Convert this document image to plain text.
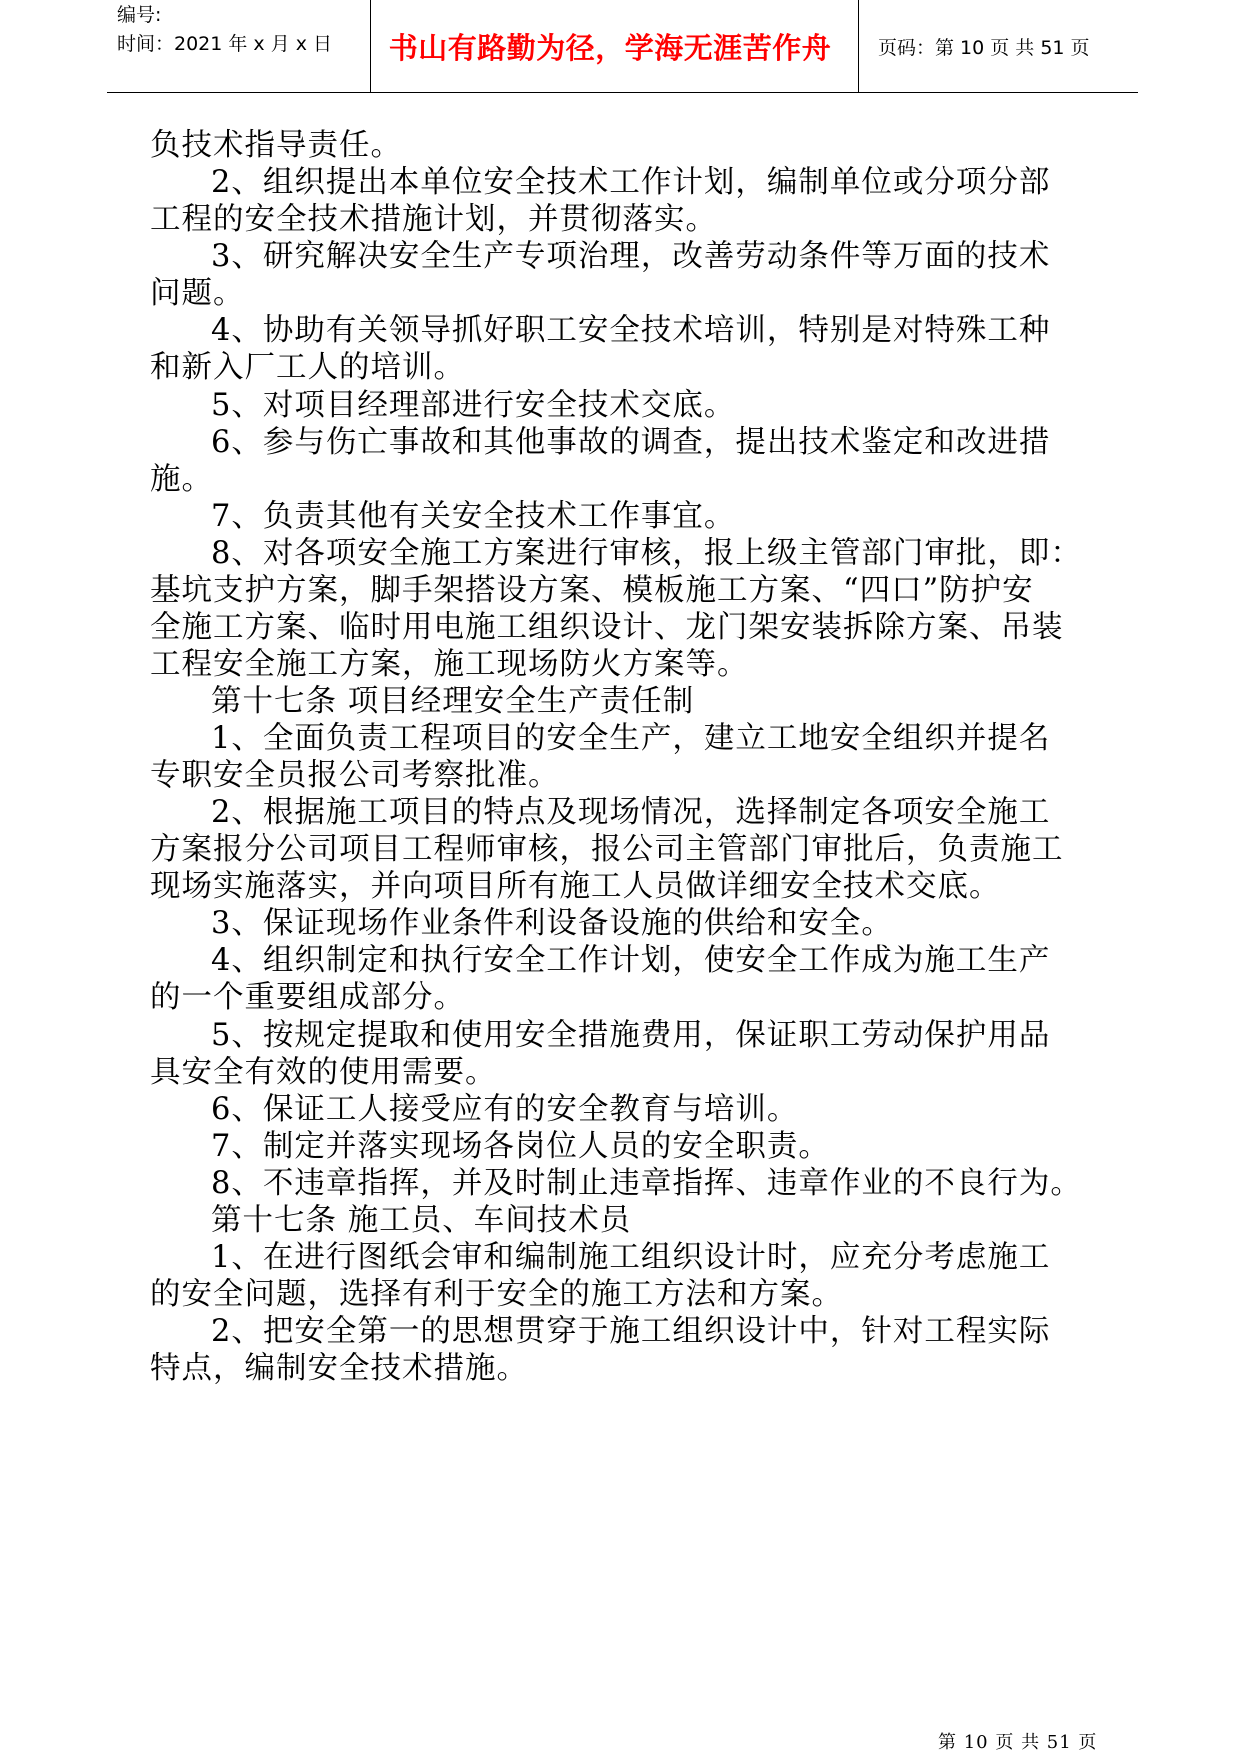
编号:
时间：2021 年 x 月 x 日	书山有路勤为径，学海无涯苦作舟	页码：第 10 页 共 51 页
负技术指导责任。
2、组织提出本单位安全技术工作计划，编制单位或分项分部
工程的安全技术措施计划，并贯彻落实。
3、研究解决安全生产专项治理，改善劳动条件等万面的技术
问题。
4、协助有关领导抓好职工安全技术培训，特别是对特殊工种
和新入厂工人的培训。
5、对项目经理部进行安全技术交底。
6、参与伤亡事故和其他事故的调查，提出技术鉴定和改进措
施。
7、负责其他有关安全技术工作事宜。
8、对各项安全施工方案进行审核，报上级主管部门审批，即：
基坑支护方案，脚手架搭设方案、模板施工方案、“四口”防护安
全施工方案、临时用电施工组织设计、龙门架安装拆除方案、吊装
工程安全施工方案，施工现场防火方案等。
第十七条 项目经理安全生产责任制
1、全面负责工程项目的安全生产，建立工地安全组织并提名
专职安全员报公司考察批准。
2、根据施工项目的特点及现场情况，选择制定各项安全施工
方案报分公司项目工程师审核，报公司主管部门审批后，负责施工
现场实施落实，并向项目所有施工人员做详细安全技术交底。
3、保证现场作业条件利设备设施的供给和安全。
4、组织制定和执行安全工作计划，使安全工作成为施工生产
的一个重要组成部分。
5、按规定提取和使用安全措施费用，保证职工劳动保护用品
具安全有效的使用需要。
6、保证工人接受应有的安全教育与培训。
7、制定并落实现场各岗位人员的安全职责。
8、不违章指挥，并及时制止违章指挥、违章作业的不良行为。
第十七条 施工员、车间技术员
1、在进行图纸会审和编制施工组织设计时，应充分考虑施工
的安全问题，选择有利于安全的施工方法和方案。
2、把安全第一的思想贯穿于施工组织设计中，针对工程实际
特点，编制安全技术措施。
第 10 页 共 51 页
